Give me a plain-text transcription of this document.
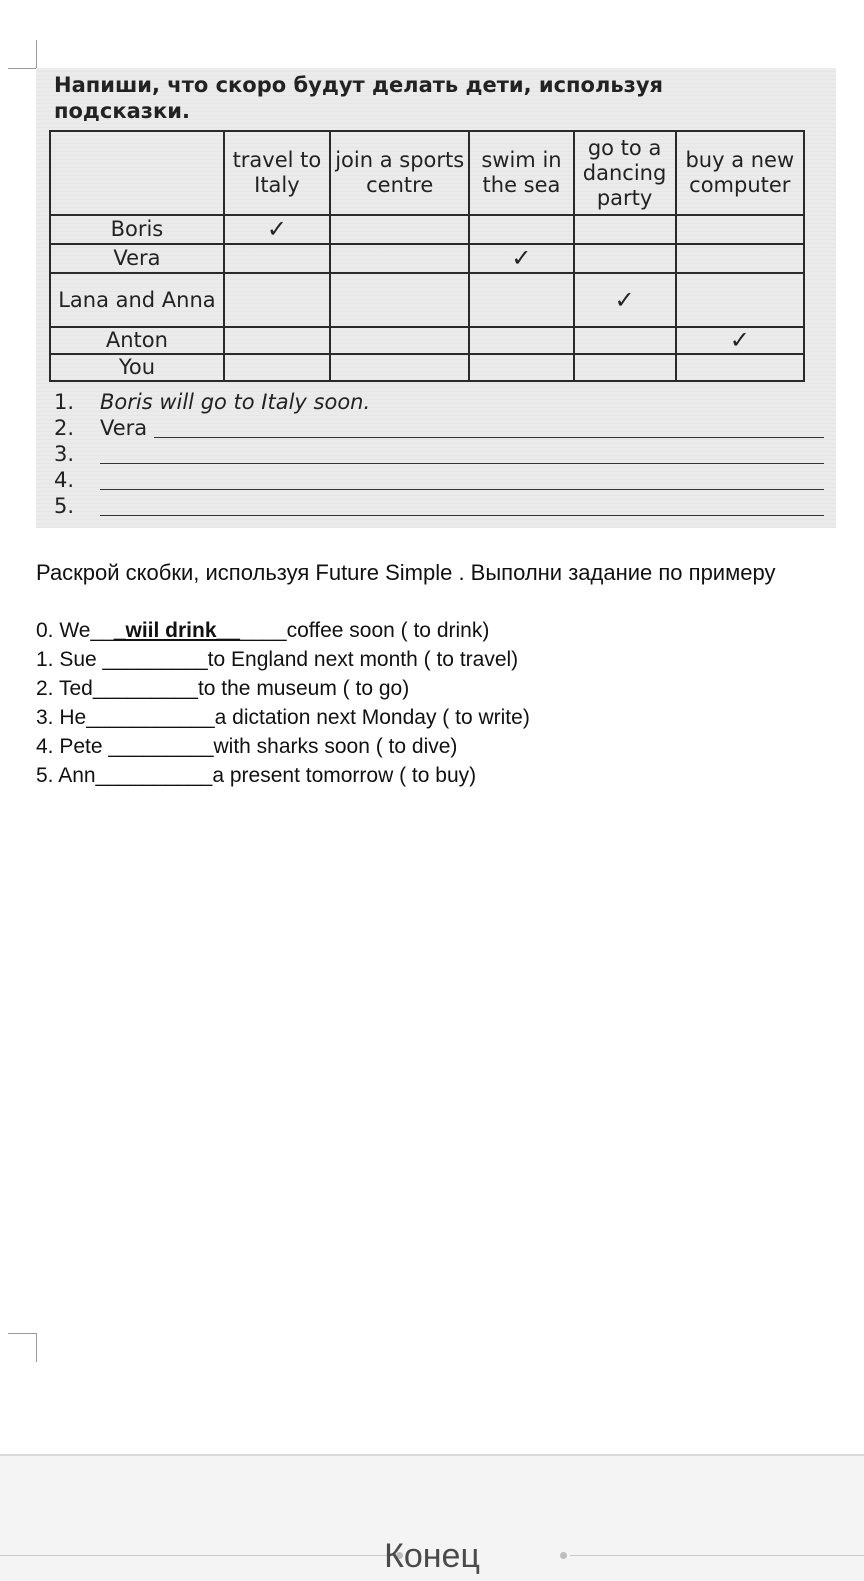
Напиши, что скоро будут делать дети, используя подсказки.
	travel to Italy	join a sports centre	swim in the sea	go to a dancing party	buy a new computer
Boris	✓				
Vera			✓		
Lana and Anna				✓	
Anton					✓
You					
1. Boris will go to Italy soon.
2. Vera
3.
4.
5.
Раскрой скобки, используя Future Simple . Выполни задание по примеру
0. We___wiil drink______coffee soon ( to drink)
1. Sue _________to England next month ( to travel)
2. Ted_________to the museum ( to go)
3. He___________a dictation next Monday ( to write)
4. Pete _________with sharks soon ( to dive)
5. Ann__________a present tomorrow ( to buy)
Конец
